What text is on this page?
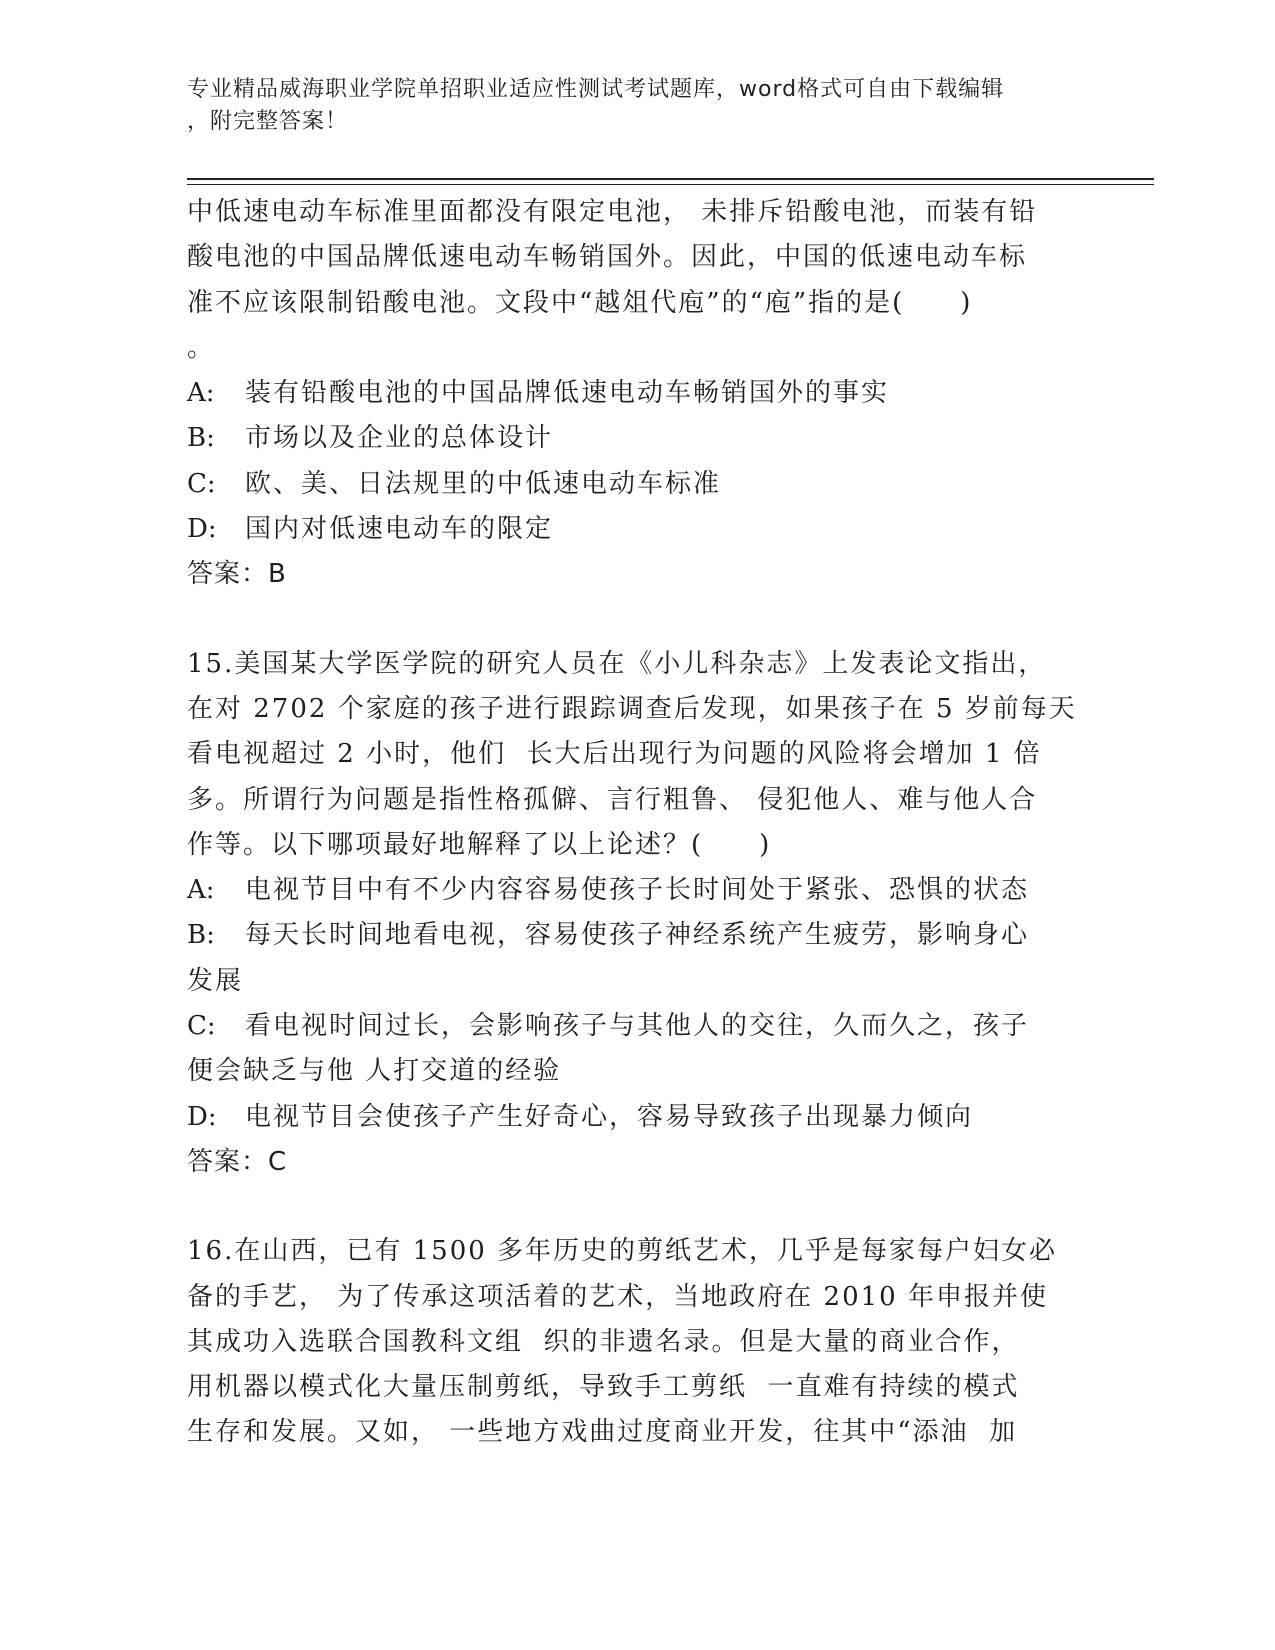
专业精品威海职业学院单招职业适应性测试考试题库，word格式可自由下载编辑
，附完整答案！
中低速电动车标准里面都没有限定电池， 未排斥铅酸电池，而装有铅
酸电池的中国品牌低速电动车畅销国外。因此，中国的低速电动车标
准不应该限制铅酸电池。文段中“越俎代庖”的“庖”指的是(　　)
。
A: 装有铅酸电池的中国品牌低速电动车畅销国外的事实
B: 市场以及企业的总体设计
C: 欧、美、日法规里的中低速电动车标准
D: 国内对低速电动车的限定
答案：B
15.美国某大学医学院的研究人员在《小儿科杂志》上发表论文指出，
在对 2702 个家庭的孩子进行跟踪调查后发现，如果孩子在 5 岁前每天
看电视超过 2 小时，他们  长大后出现行为问题的风险将会增加 1 倍
多。所谓行为问题是指性格孤僻、言行粗鲁、 侵犯他人、难与他人合
作等。以下哪项最好地解释了以上论述？(　　)
A: 电视节目中有不少内容容易使孩子长时间处于紧张、恐惧的状态
B: 每天长时间地看电视，容易使孩子神经系统产生疲劳，影响身心
发展
C: 看电视时间过长，会影响孩子与其他人的交往，久而久之，孩子
便会缺乏与他 人打交道的经验
D: 电视节目会使孩子产生好奇心，容易导致孩子出现暴力倾向
答案：C
16.在山西，已有 1500 多年历史的剪纸艺术，几乎是每家每户妇女必
备的手艺， 为了传承这项活着的艺术，当地政府在 2010 年申报并使
其成功入选联合国教科文组  织的非遗名录。但是大量的商业合作，
用机器以模式化大量压制剪纸，导致手工剪纸  一直难有持续的模式
生存和发展。又如， 一些地方戏曲过度商业开发，往其中“添油  加
